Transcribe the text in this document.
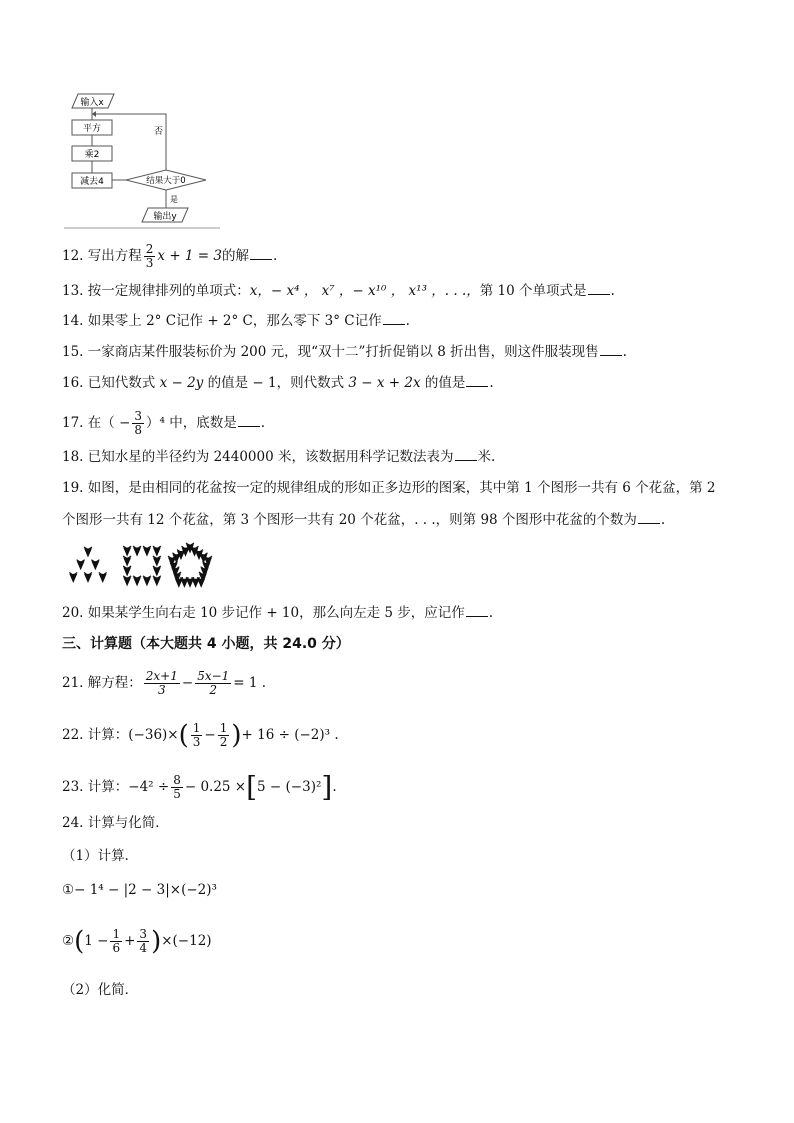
输入x
平方
乘2
减去4	结果大于0
否
是
输出y
12. 写出方程 $\frac{2}{3}$ x + 1 = 3的解 .
13. 按一定规律排列的单项式：x，− x⁴ ， x⁷ ，− x¹⁰ ， x¹³ ，. . .，第 10 个单项式是 .
14. 如果零上 2° C记作 + 2° C，那么零下 3° C记作 .
15. 一家商店某件服装标价为 200 元，现“双十二”打折促销以 8 折出售，则这件服装现售 .
16. 已知代数式 x − 2y 的值是 − 1，则代数式 3 − x + 2x 的值是 .
17. 在（ − $\frac{3}{8} )^4$ 中，底数是 .
18. 已知水星的半径约为 2440000 米，该数据用科学记数法表为 米.
19. 如图，是由相同的花盆按一定的规律组成的形如正多边形的图案，其中第 1 个图形一共有 6 个花盆，第 2
个图形一共有 12 个花盆，第 3 个图形一共有 20 个花盆，. . .，则第 98 个图形中花盆的个数为 .
20. 如果某学生向右走 10 步记作 + 10，那么向左走 5 步，应记作 .
三、计算题（本大题共 4 小题，共 24.0 分）
21. 解方程： $\frac{2x+1}{3} - \frac{5x-1}{2} = 1$ .
22. 计算：$(-36)\times( \frac{1}{3} - \frac{1}{2}$ )+ 16 ÷ (−2)³ .
23. 计算：$-4^2 \div \frac{8}{5} - 0.25 \times[5 - (-3)^2]$.
24. 计算与化简．
（1）计算．
①− 1⁴ − |2 − 3|×(−2)³
②(1 − $\frac{1}{6} + \frac{3}{4} )\times(-12)$
（2）化简．
